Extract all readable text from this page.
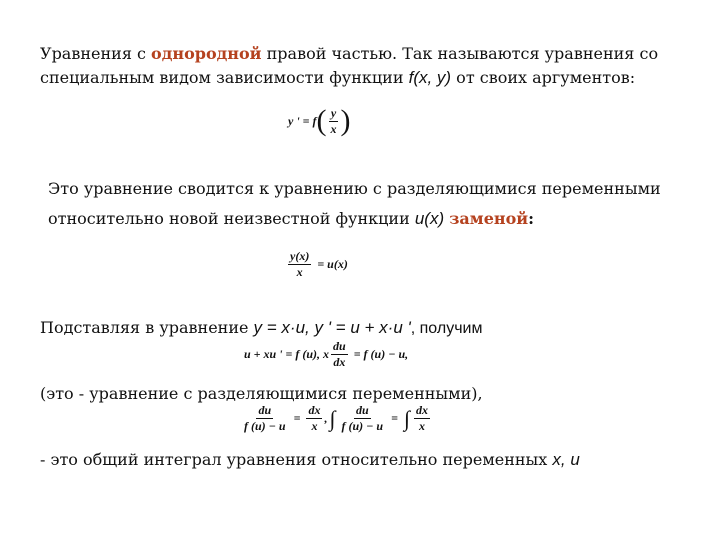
Уравнения с однородной правой частью. Так называются уравнения со специальным видом зависимости функции f(x, y) от своих аргументов:

y ' = f ( $\frac{y}{x}$ )

Это уравнение сводится к уравнению с разделяющимися переменными относительно новой неизвестной функции u(x) заменой:

$\frac{y(x)}{x} = u(x)$

Подставляя в уравнение y = x·u, y ' = u + x·u ', получим

u + xu ' = f (u), x $\frac{du}{dx} = f$ (u) − u,

(это - уравнение с разделяющимися переменными),

$\frac{du}{f (u) - u} = \frac{dx}{x}$ , ∫ $\frac{du}{f (u) - u}$ = ∫ $\frac{dx}{x}$

- это общий интеграл уравнения относительно переменных x, u
